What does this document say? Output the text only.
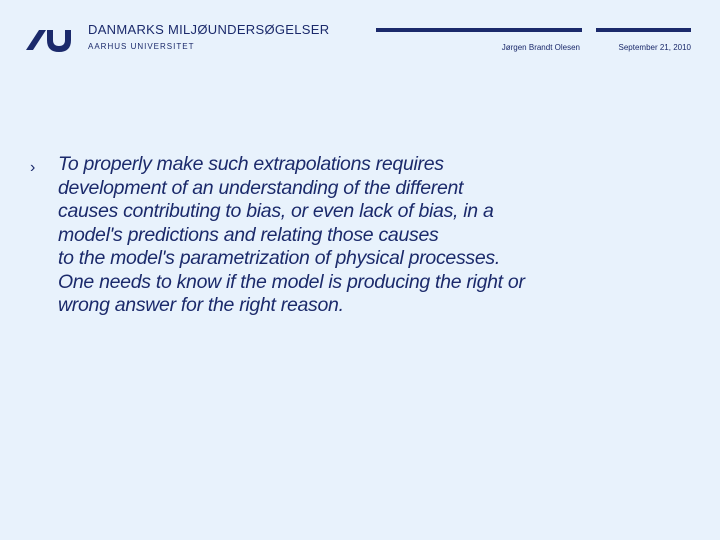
DANMARKS MILJØUNDERSØGELSER
AARHUS UNIVERSITET	Jørgen Brandt Olesen	September 21, 2010
›	To properly make such extrapolations requires
development of an understanding of the different
causes contributing to bias, or even lack of bias, in a
model's predictions and relating those causes
to the model's parametrization of physical processes.
One needs to know if the model is producing the right or
wrong answer for the right reason.
